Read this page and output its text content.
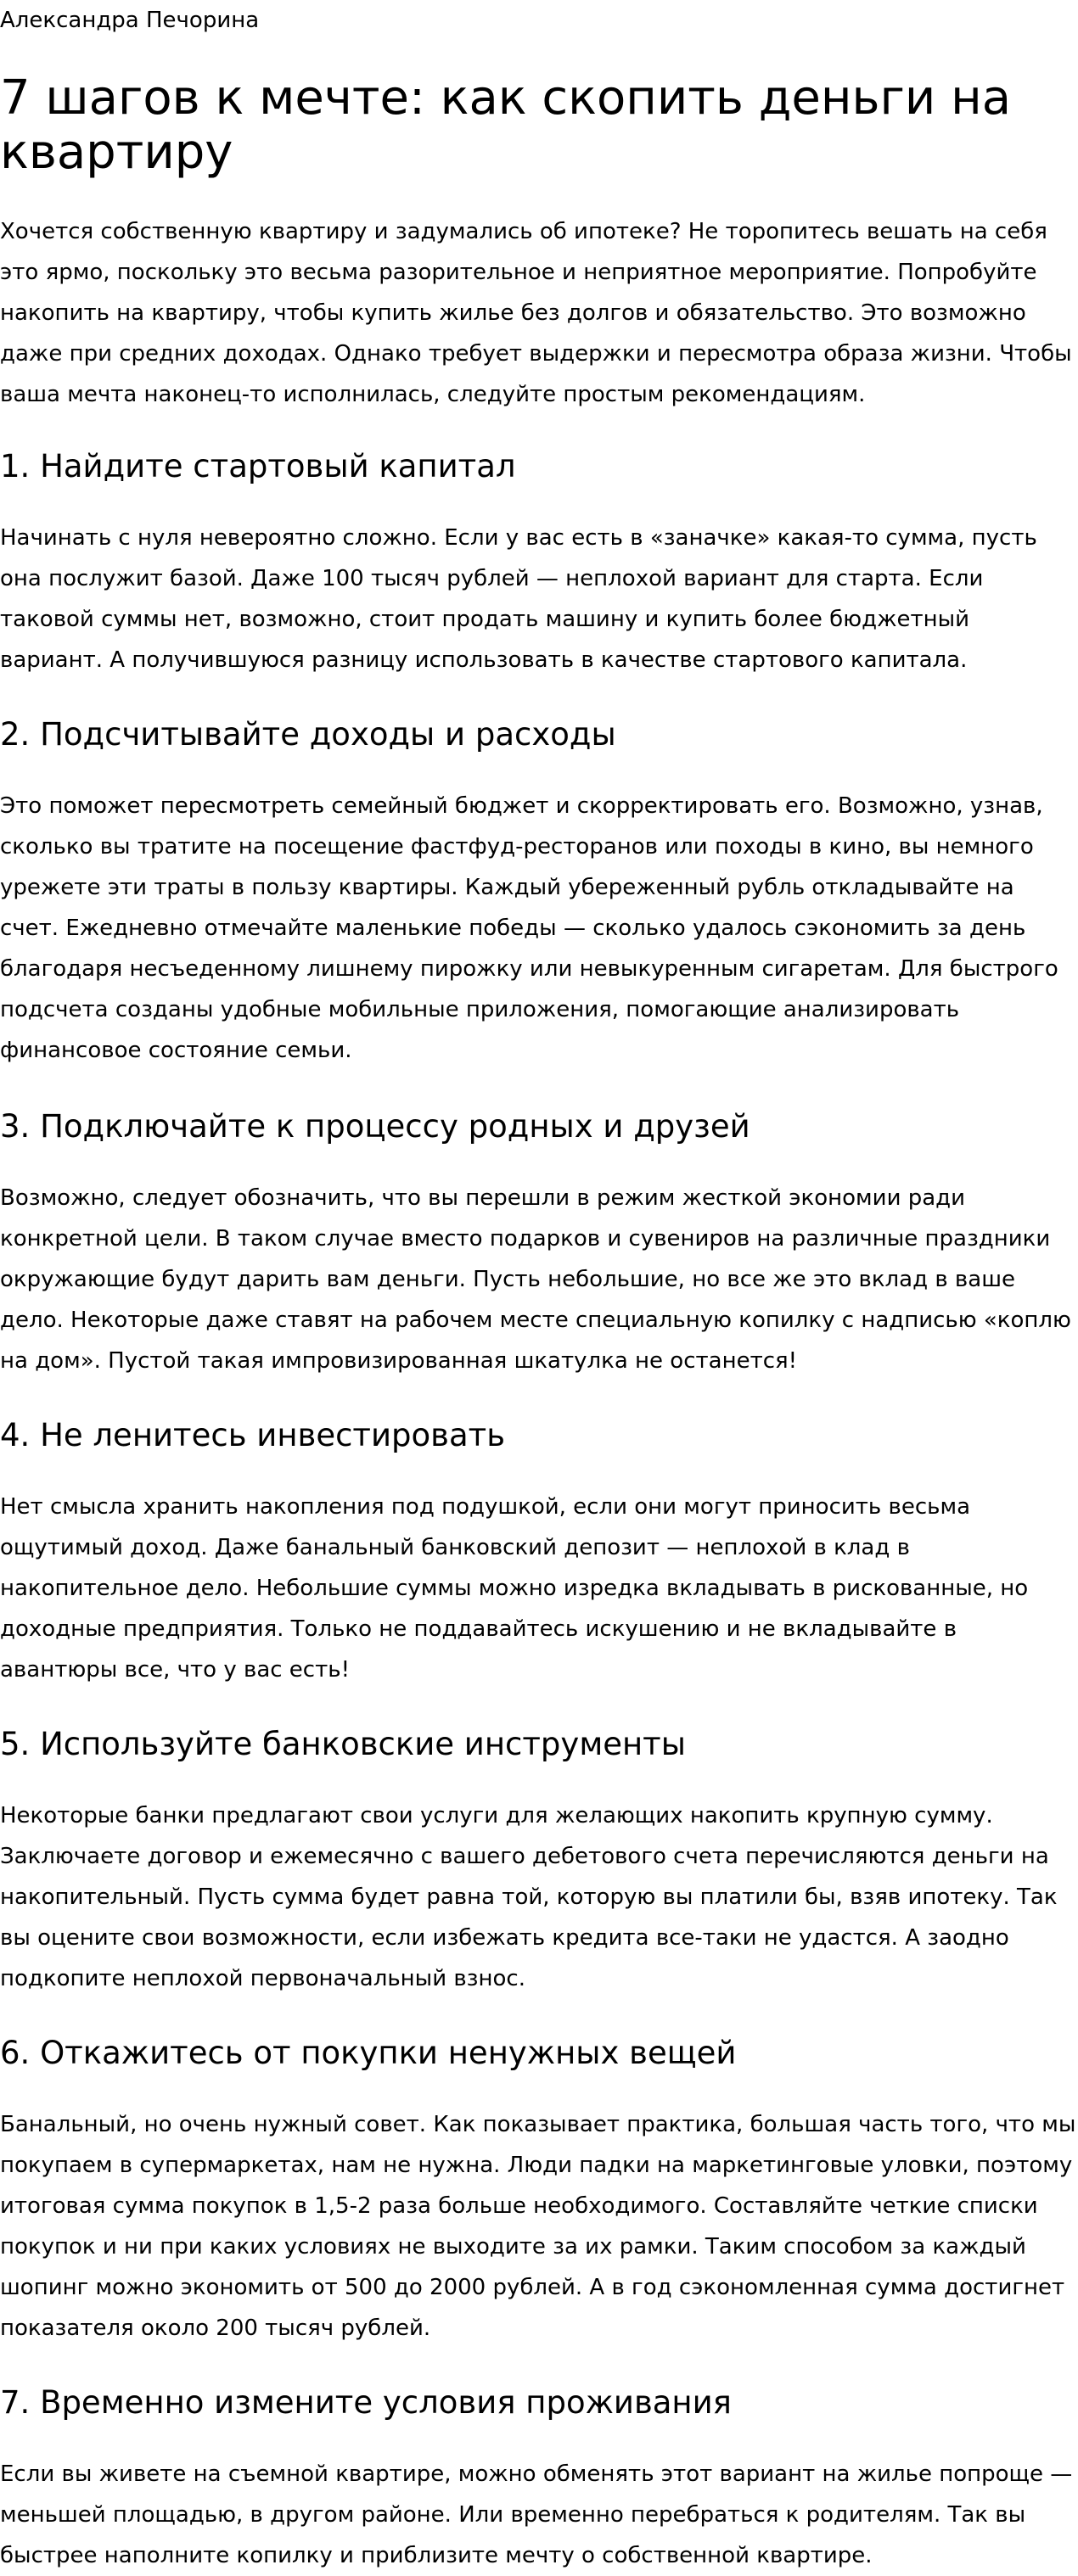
Александра Печорина

7 шагов к мечте: как скопить деньги на квартиру

Хочется собственную квартиру и задумались об ипотеке? Не торопитесь вешать на себя это ярмо, поскольку это весьма разорительное и неприятное мероприятие. Попробуйте накопить на квартиру, чтобы купить жилье без долгов и обязательство. Это возможно даже при средних доходах. Однако требует выдержки и пересмотра образа жизни. Чтобы ваша мечта наконец-то исполнилась, следуйте простым рекомендациям.

1. Найдите стартовый капитал

Начинать с нуля невероятно сложно. Если у вас есть в «заначке» какая-то сумма, пусть она послужит базой. Даже 100 тысяч рублей — неплохой вариант для старта. Если таковой суммы нет, возможно, стоит продать машину и купить более бюджетный вариант. А получившуюся разницу использовать в качестве стартового капитала.

2. Подсчитывайте доходы и расходы

Это поможет пересмотреть семейный бюджет и скорректировать его. Возможно, узнав, сколько вы тратите на посещение фастфуд-ресторанов или походы в кино, вы немного урежете эти траты в пользу квартиры. Каждый убереженный рубль откладывайте на счет. Ежедневно отмечайте маленькие победы — сколько удалось сэкономить за день благодаря несъеденному лишнему пирожку или невыкуренным сигаретам. Для быстрого подсчета созданы удобные мобильные приложения, помогающие анализировать финансовое состояние семьи.

3. Подключайте к процессу родных и друзей

Возможно, следует обозначить, что вы перешли в режим жесткой экономии ради конкретной цели. В таком случае вместо подарков и сувениров на различные праздники окружающие будут дарить вам деньги. Пусть небольшие, но все же это вклад в ваше дело. Некоторые даже ставят на рабочем месте специальную копилку с надписью «коплю на дом». Пустой такая импровизированная шкатулка не останется!

4. Не ленитесь инвестировать

Нет смысла хранить накопления под подушкой, если они могут приносить весьма ощутимый доход. Даже банальный банковский депозит — неплохой в клад в накопительное дело. Небольшие суммы можно изредка вкладывать в рискованные, но доходные предприятия. Только не поддавайтесь искушению и не вкладывайте в авантюры все, что у вас есть!

5. Используйте банковские инструменты

Некоторые банки предлагают свои услуги для желающих накопить крупную сумму. Заключаете договор и ежемесячно с вашего дебетового счета перечисляются деньги на накопительный. Пусть сумма будет равна той, которую вы платили бы, взяв ипотеку. Так вы оцените свои возможности, если избежать кредита все-таки не удастся. А заодно подкопите неплохой первоначальный взнос.

6. Откажитесь от покупки ненужных вещей

Банальный, но очень нужный совет. Как показывает практика, большая часть того, что мы покупаем в супермаркетах, нам не нужна. Люди падки на маркетинговые уловки, поэтому итоговая сумма покупок в 1,5-2 раза больше необходимого. Составляйте четкие списки покупок и ни при каких условиях не выходите за их рамки. Таким способом за каждый шопинг можно экономить от 500 до 2000 рублей. А в год сэкономленная сумма достигнет показателя около 200 тысяч рублей.

7. Временно измените условия проживания

Если вы живете на съемной квартире, можно обменять этот вариант на жилье попроще — меньшей площадью, в другом районе. Или временно перебраться к родителям. Так вы быстрее наполните копилку и приблизите мечту о собственной квартире.
